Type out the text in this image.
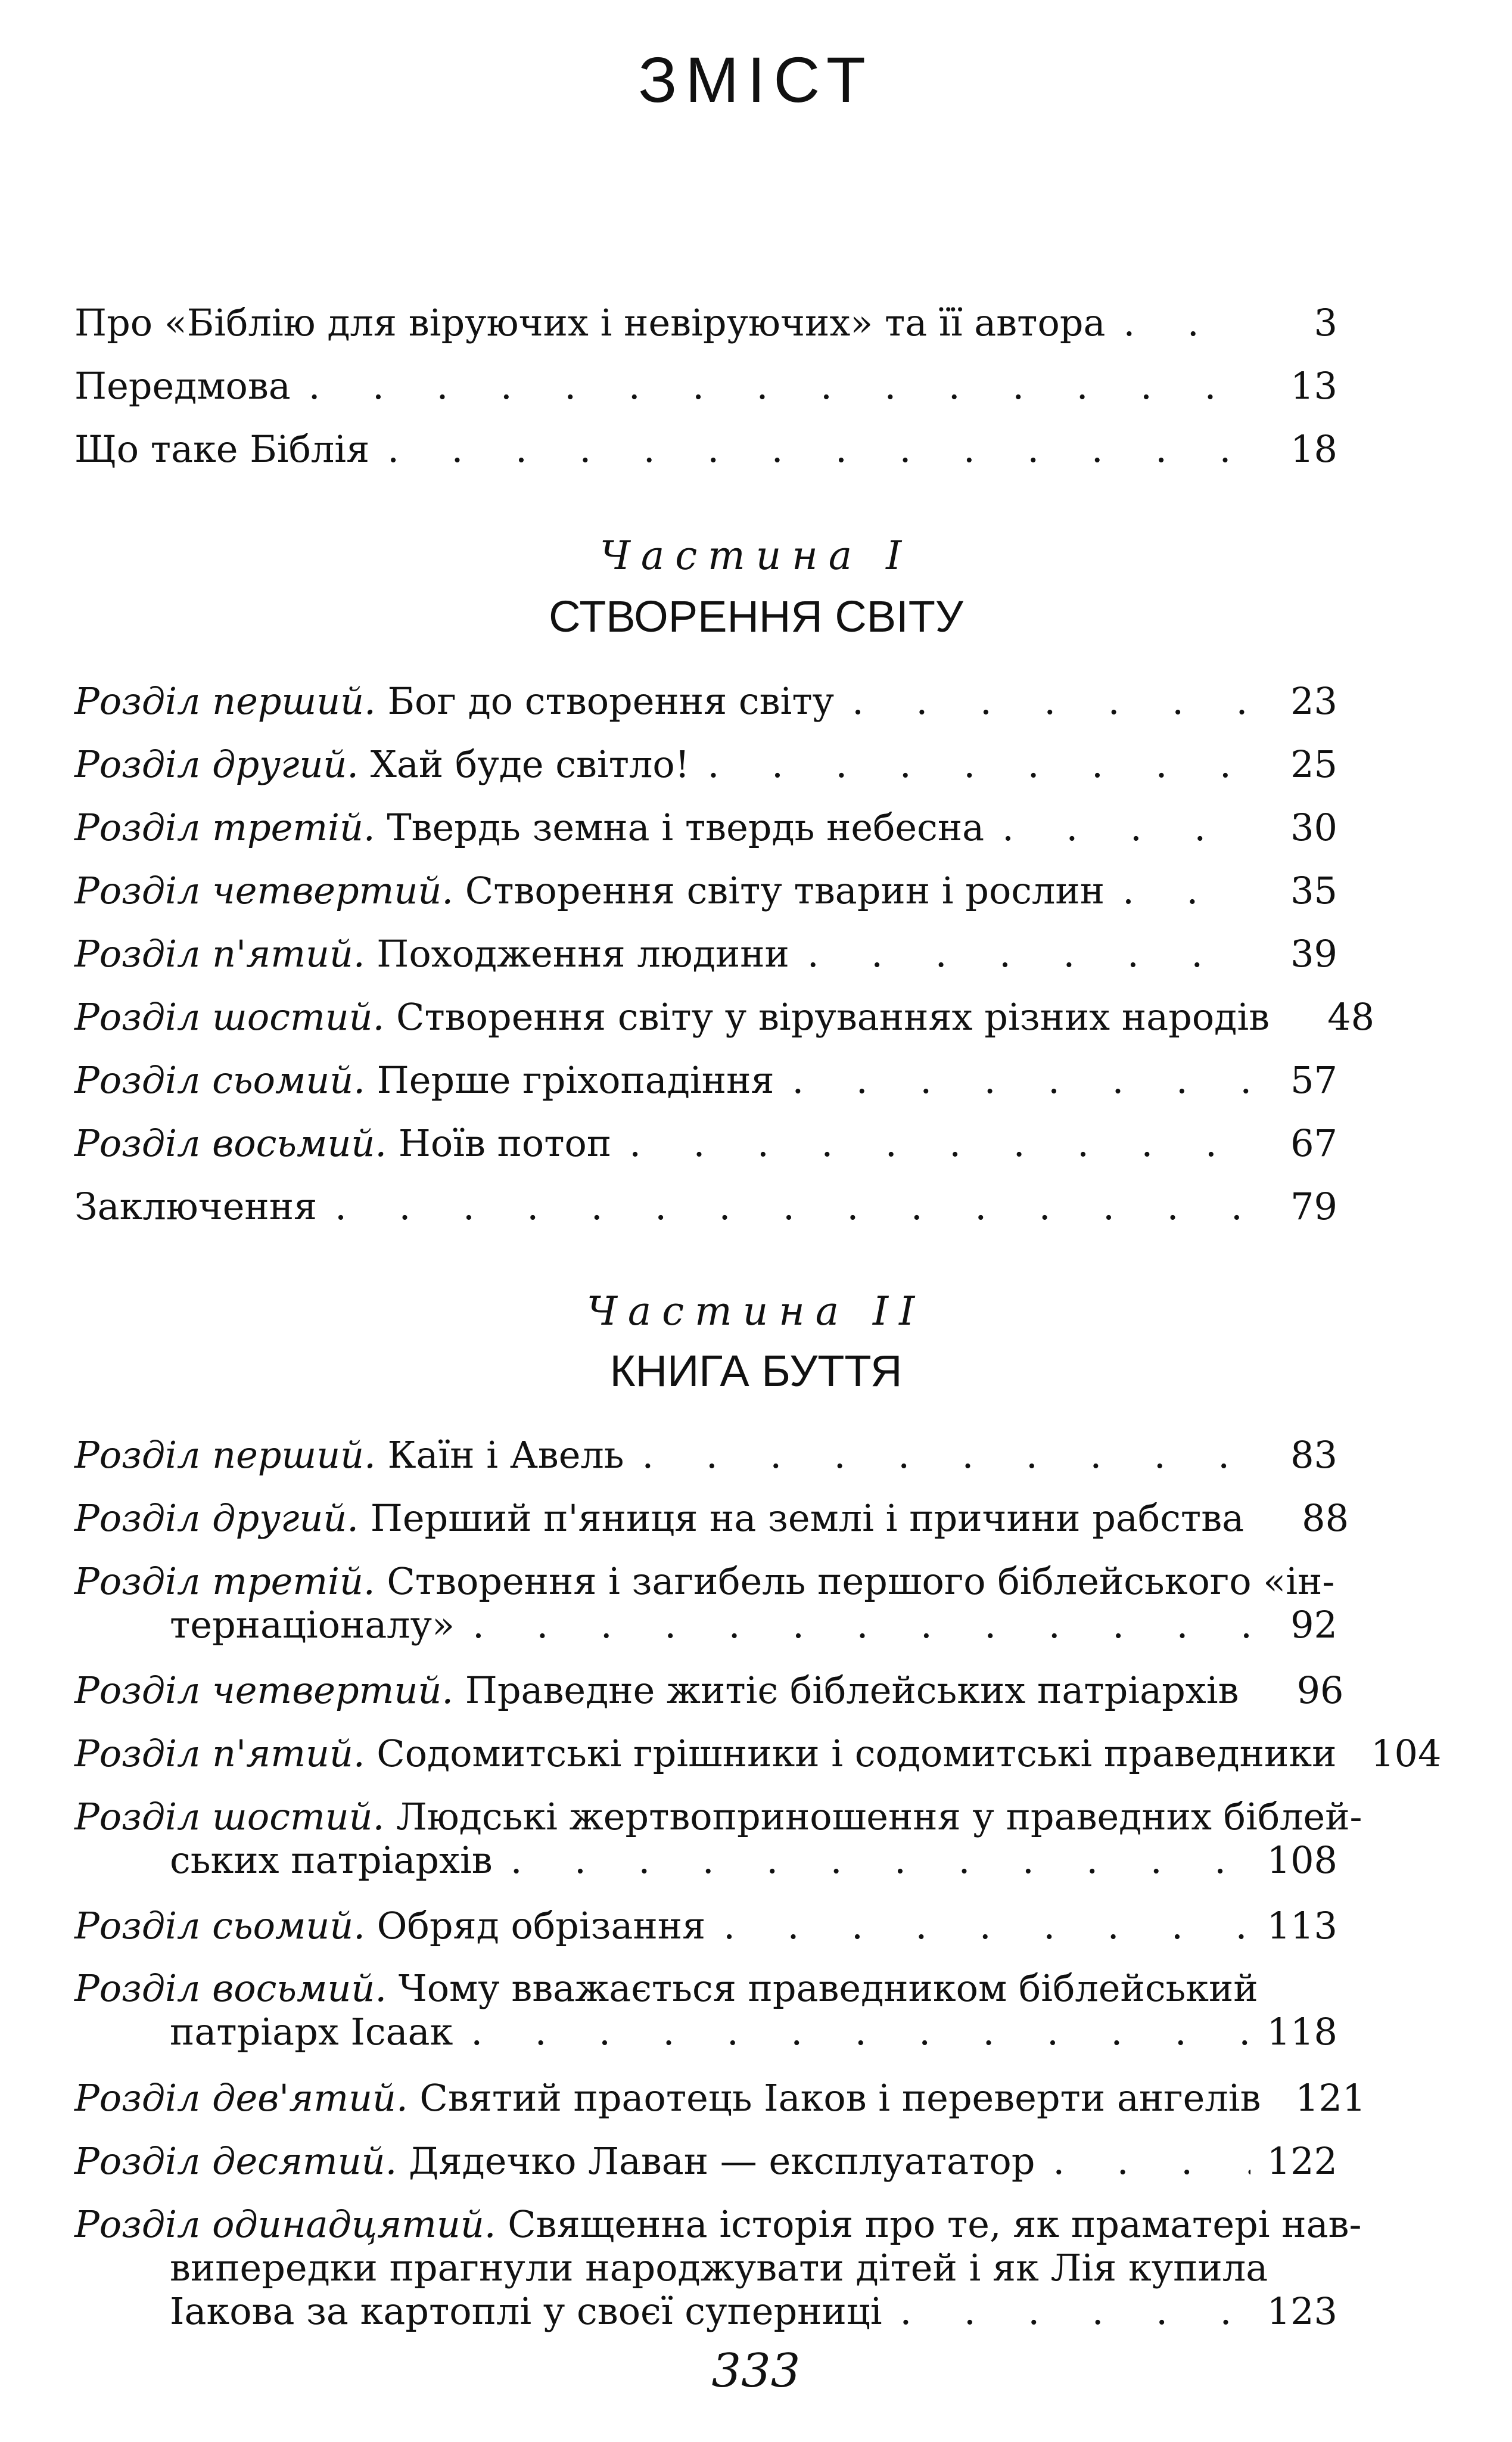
ЗМІСТ
Про «Біблію для віруючих і невіруючих» та її автора . . .	3
Передмова . . .	13
Що таке Біблія . . .	18
Частина І
СТВОРЕННЯ СВІТУ
Розділ перший.
Бог до створення світу . . .	23
Розділ другий.
Хай буде світло! . . .	25
Розділ третій.
Твердь земна і твердь небесна . . .	30
Розділ четвертий.
Створення світу тварин і рослин . . .	35
Розділ п'ятий.
Походження людини . . .	39
Розділ шостий.
Створення світу у віруваннях різних народів	48
Розділ сьомий.
Перше гріхопадіння . . .	57
Розділ восьмий.
Ноїв потоп . . .	67
Заключення . . .	79
Частина ІІ
КНИГА БУТТЯ
Розділ перший.
Каїн і Авель . . .	83
Розділ другий.
Перший п'яниця на землі і причини рабства	88
Розділ третій.
Створення і загибель першого біблейського «ін-
тернаціоналу» . . .	92
Розділ четвертий.
Праведне житіє біблейських патріархів	96
Розділ п'ятий.
Содомитські грішники і содомитські праведники 104
Розділ шостий.
Людські жертвоприношення у праведних біблей-
ських патріархів . . .	108
Розділ сьомий.
Обряд обрізання . . .	113
Розділ восьмий.
Чому вважається праведником біблейський
патріарх Ісаак . . .	118
Розділ дев'ятий.
Святий праотець Іаков і переверти ангелів 121
Розділ десятий.
Дядечко Лаван — експлуататор . . .	122
Розділ одинадцятий.
Священна історія про те, як праматері нав-
випередки прагнули народжувати дітей і як Лія купила
Іакова за картоплі у своєї суперниці . . .	123
333
